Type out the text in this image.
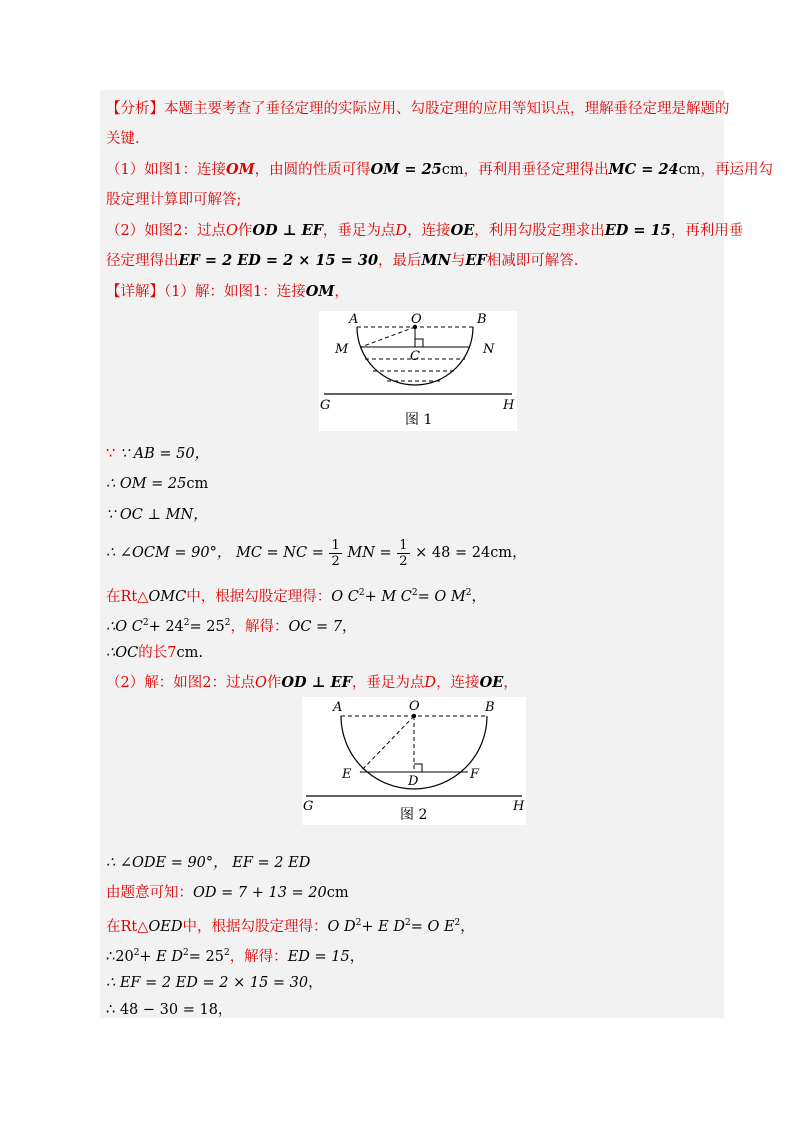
【分析】本题主要考查了垂径定理的实际应用、勾股定理的应用等知识点，理解垂径定理是解题的
关键.
（1）如图1：连接OM，由圆的性质可得OM = 25cm，再利用垂径定理得出MC = 24cm，再运用勾
股定理计算即可解答;
（2）如图2：过点O作OD ⊥ EF，垂足为点D，连接OE，利用勾股定理求出ED = 15，再利用垂
径定理得出EF = 2 ED = 2 × 15 = 30，最后MN与EF相减即可解答.
【详解】（1）解：如图1：连接OM，
A	O	B
M	C	N
G	H
图 1
∵ ∵ AB = 50，
∴ OM = 25cm
∵ OC ⊥ MN，
∴ ∠OCM = 90°， MC = NC = $\frac{1}{2}$ MN = $\frac{1}{2} \times 48 = 24cm$，
在Rt△OMC中，根据勾股定理得：O $C^2+ M$ $C^2= O$ $M^2$，
∴O $C^2+ 24^2= 25^2$，解得：OC = 7，
∴OC的长7cm.
（2）解：如图2：过点O作OD ⊥ EF，垂足为点D，连接OE，
A	O	B
E	D	F
G	H
图 2
∴ ∠ODE = 90°， EF = 2 ED
由题意可知：OD = 7 + 13 = 20cm
在Rt△OED中，根据勾股定理得：O $D^2+ E$ $D^2= O$ $E^2$，
$\therefore 20^2+ E$ $D^2= 25^2$，解得：ED = 15，
∴ EF = 2 ED = 2 × 15 = 30，
∴ 48 − 30 = 18，
